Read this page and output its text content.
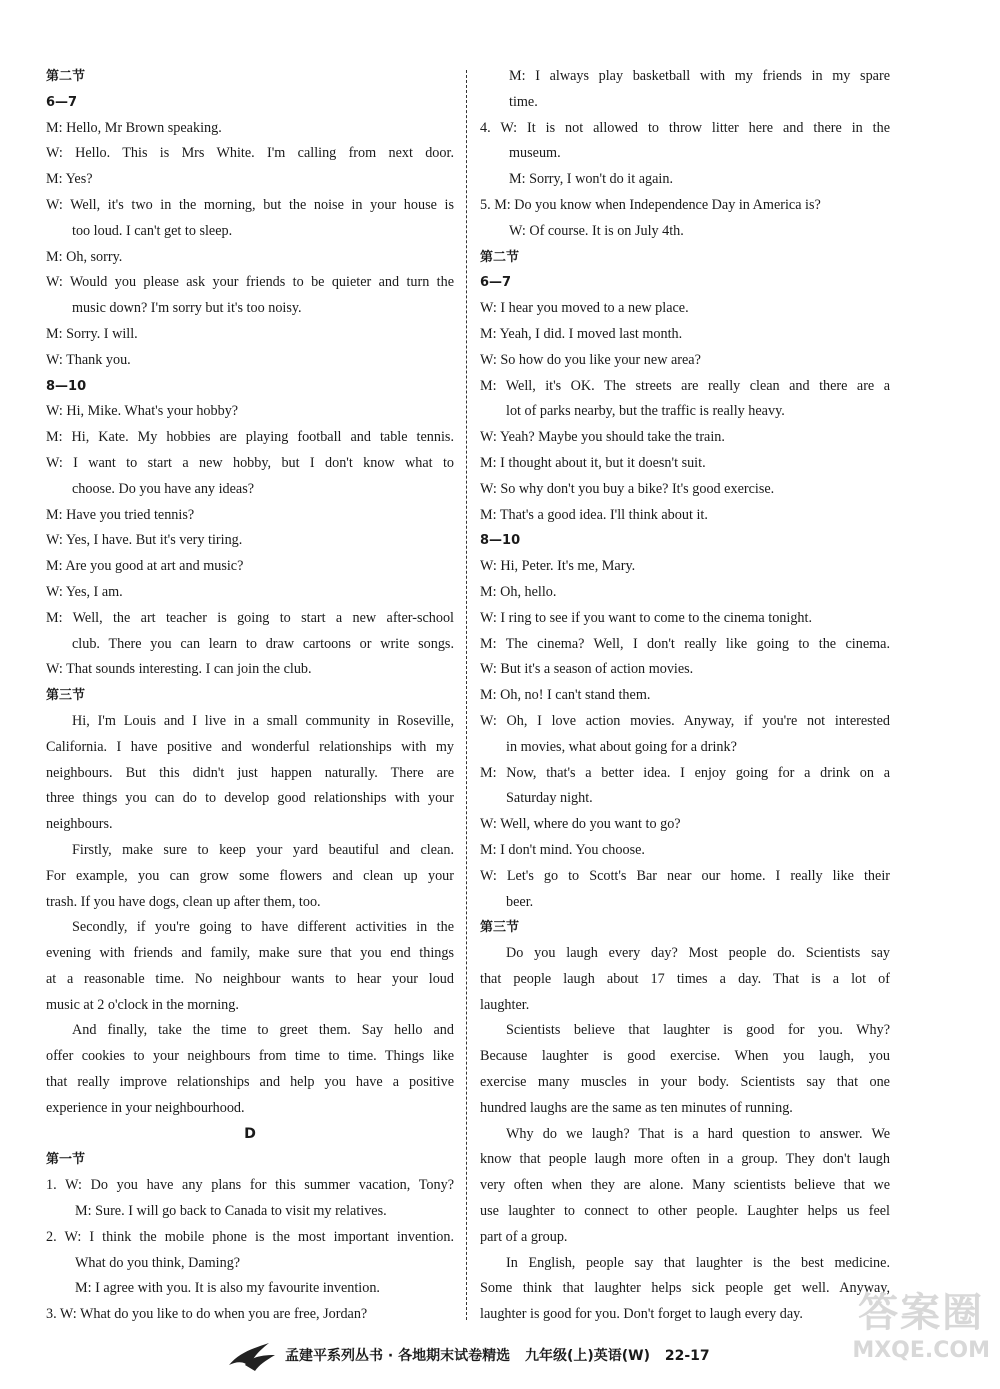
第二节
6—7
M: Hello, Mr Brown speaking.
W: Hello. This is Mrs White. I'm calling from next door.
M: Yes?
W: Well, it's two in the morning, but the noise in your house is
too loud. I can't get to sleep.
M: Oh, sorry.
W: Would you please ask your friends to be quieter and turn the
music down? I'm sorry but it's too noisy.
M: Sorry. I will.
W: Thank you.
8—10
W: Hi, Mike. What's your hobby?
M: Hi, Kate. My hobbies are playing football and table tennis.
W: I want to start a new hobby, but I don't know what to
choose. Do you have any ideas?
M: Have you tried tennis?
W: Yes, I have. But it's very tiring.
M: Are you good at art and music?
W: Yes, I am.
M: Well, the art teacher is going to start a new after-school
club. There you can learn to draw cartoons or write songs.
W: That sounds interesting. I can join the club.
第三节
Hi, I'm Louis and I live in a small community in Roseville,
California. I have positive and wonderful relationships with my
neighbours. But this didn't just happen naturally. There are
three things you can do to develop good relationships with your
neighbours.
Firstly, make sure to keep your yard beautiful and clean.
For example, you can grow some flowers and clean up your
trash. If you have dogs, clean up after them, too.
Secondly, if you're going to have different activities in the
evening with friends and family, make sure that you end things
at a reasonable time. No neighbour wants to hear your loud
music at 2 o'clock in the morning.
And finally, take the time to greet them. Say hello and
offer cookies to your neighbours from time to time. Things like
that really improve relationships and help you have a positive
experience in your neighbourhood.
D
第一节
1. W: Do you have any plans for this summer vacation, Tony?
M: Sure. I will go back to Canada to visit my relatives.
2. W: I think the mobile phone is the most important invention.
What do you think, Daming?
M: I agree with you. It is also my favourite invention.
3. W: What do you like to do when you are free, Jordan?
M: I always play basketball with my friends in my spare
time.
4. W: It is not allowed to throw litter here and there in the
museum.
M: Sorry, I won't do it again.
5. M: Do you know when Independence Day in America is?
W: Of course. It is on July 4th.
第二节
6—7
W: I hear you moved to a new place.
M: Yeah, I did. I moved last month.
W: So how do you like your new area?
M: Well, it's OK. The streets are really clean and there are a
lot of parks nearby, but the traffic is really heavy.
W: Yeah? Maybe you should take the train.
M: I thought about it, but it doesn't suit.
W: So why don't you buy a bike? It's good exercise.
M: That's a good idea. I'll think about it.
8—10
W: Hi, Peter. It's me, Mary.
M: Oh, hello.
W: I ring to see if you want to come to the cinema tonight.
M: The cinema? Well, I don't really like going to the cinema.
W: But it's a season of action movies.
M: Oh, no! I can't stand them.
W: Oh, I love action movies. Anyway, if you're not interested
in movies, what about going for a drink?
M: Now, that's a better idea. I enjoy going for a drink on a
Saturday night.
W: Well, where do you want to go?
M: I don't mind. You choose.
W: Let's go to Scott's Bar near our home. I really like their
beer.
第三节
Do you laugh every day? Most people do. Scientists say
that people laugh about 17 times a day. That is a lot of
laughter.
Scientists believe that laughter is good for you. Why?
Because laughter is good exercise. When you laugh, you
exercise many muscles in your body. Scientists say that one
hundred laughs are the same as ten minutes of running.
Why do we laugh? That is a hard question to answer. We
know that people laugh more often in a group. They don't laugh
very often when they are alone. Many scientists believe that we
use laughter to connect to other people. Laughter helps us feel
part of a group.
In English, people say that laughter is the best medicine.
Some think that laughter helps sick people get well. Anyway,
laughter is good for you. Don't forget to laugh every day.
孟建平系列丛书 · 各地期末试卷精选 九年级(上)英语(W) 22-17
答案圈
MXQE.COM
